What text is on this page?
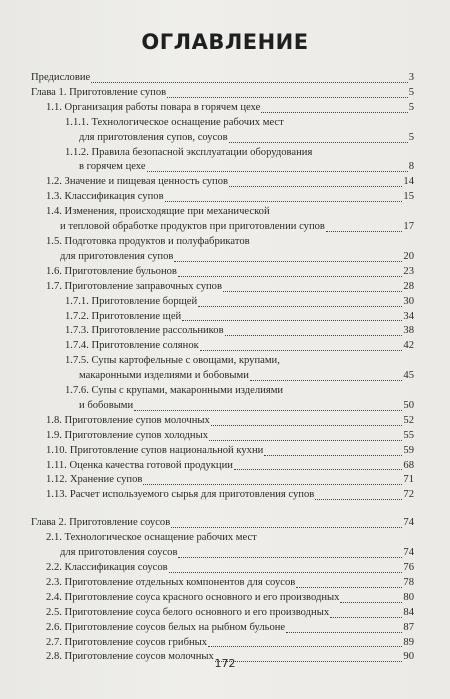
ОГЛАВЛЕНИЕ
Предисловие	3
Глава 1. Приготовление супов	5
1.1. Организация работы повара в горячем цехе	5
1.1.1. Технологическое оснащение рабочих мест
для приготовления супов, соусов	5
1.1.2. Правила безопасной эксплуатации оборудования
в горячем цехе	8
1.2. Значение и пищевая ценность супов	14
1.3. Классификация супов	15
1.4. Изменения, происходящие при механической
и тепловой обработке продуктов при приготовлении супов	17
1.5. Подготовка продуктов и полуфабрикатов
для приготовления супов	20
1.6. Приготовление бульонов	23
1.7. Приготовление заправочных супов	28
1.7.1. Приготовление борщей	30
1.7.2. Приготовление щей	34
1.7.3. Приготовление рассольников	38
1.7.4. Приготовление солянок	42
1.7.5. Супы картофельные с овощами, крупами,
макаронными изделиями и бобовыми	45
1.7.6. Супы с крупами, макаронными изделиями
и бобовыми	50
1.8. Приготовление супов молочных	52
1.9. Приготовление супов холодных	55
1.10. Приготовление супов национальной кухни	59
1.11. Оценка качества готовой продукции	68
1.12. Хранение супов	71
1.13. Расчет используемого сырья для приготовления супов	72
Глава 2. Приготовление соусов	74
2.1. Технологическое оснащение рабочих мест
для приготовления соусов	74
2.2. Классификация соусов	76
2.3. Приготовление отдельных компонентов для соусов	78
2.4. Приготовление соуса красного основного и его производных	80
2.5. Приготовление соуса белого основного и его производных	84
2.6. Приготовление соусов белых на рыбном бульоне	87
2.7. Приготовление соусов грибных	89
2.8. Приготовление соусов молочных	90
172
